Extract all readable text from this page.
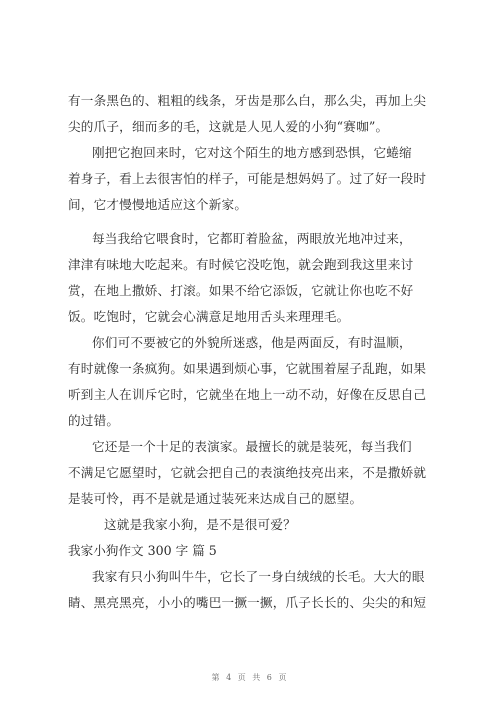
有一条黑色的、粗粗的线条，牙齿是那么白，那么尖，再加上尖
尖的爪子，细而多的毛，这就是人见人爱的小狗“赛咖”。
刚把它抱回来时，它对这个陌生的地方感到恐惧，它蜷缩
着身子，看上去很害怕的样子，可能是想妈妈了。过了好一段时
间，它才慢慢地适应这个新家。
每当我给它喂食时，它都盯着脸盆，两眼放光地冲过来，
津津有味地大吃起来。有时候它没吃饱，就会跑到我这里来讨
赏，在地上撒娇、打滚。如果不给它添饭，它就让你也吃不好
饭。吃饱时，它就会心满意足地用舌头来理理毛。
你们可不要被它的外貌所迷惑，他是两面反，有时温顺，
有时就像一条疯狗。如果遇到烦心事，它就围着屋子乱跑，如果
听到主人在训斥它时，它就坐在地上一动不动，好像在反思自己
的过错。
它还是一个十足的表演家。最擅长的就是装死，每当我们
不满足它愿望时，它就会把自己的表演绝技亮出来，不是撒娇就
是装可怜，再不是就是通过装死来达成自己的愿望。
这就是我家小狗，是不是很可爱？
我家小狗作文 300 字 篇 5
我家有只小狗叫牛牛，它长了一身白绒绒的长毛。大大的眼
睛、黑亮黑亮，小小的嘴巴一撅一撅，爪子长长的、尖尖的和短
第 4 页 共 6 页
